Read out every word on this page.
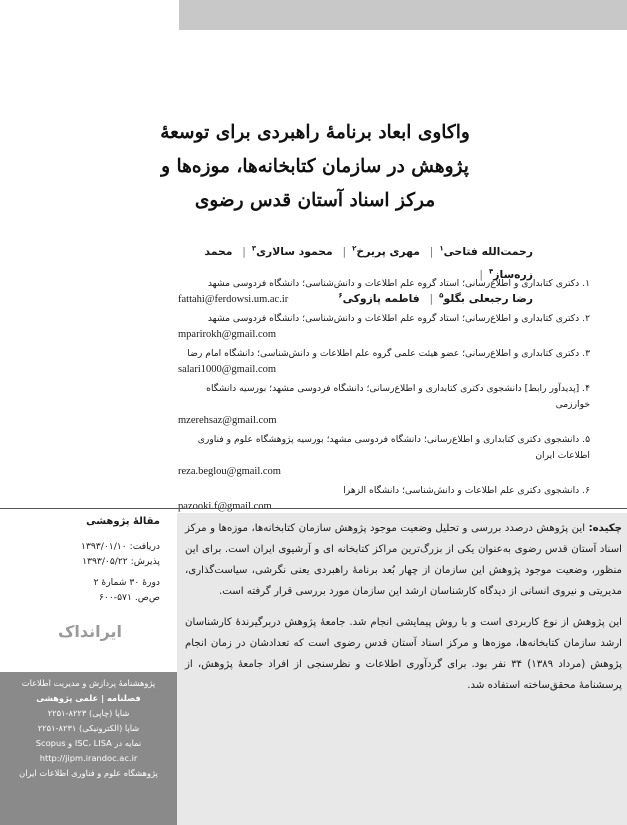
واکاوی ابعاد برنامۀ راهبردی برای توسعۀ پژوهش در سازمان کتابخانه‌ها، موزه‌ها و مرکز اسناد آستان قدس رضوی
رحمت‌الله فتاحی$^۱$| مهری پریرخ$^۲$| محمود سالاری$^۳$| محمد زره‌ساز$^۴$|
رضا رجبعلی بگلو$^۵$| فاطمه پازوکی$^۶$
۱. دکتری کتابداری و اطلاع‌رسانی؛ استاد گروه علم اطلاعات و دانش‌شناسی؛ دانشگاه فردوسی مشهد
fattahi@ferdowsi.um.ac.ir
۲. دکتری کتابداری و اطلاع‌رسانی؛ استاد گروه علم اطلاعات و دانش‌شناسی؛ دانشگاه فردوسی مشهد
mparirokh@gmail.com
۳. دکتری کتابداری و اطلاع‌رسانی؛ عضو هیئت علمی گروه علم اطلاعات و دانش‌شناسی؛ دانشگاه امام رضا
salari1000@gmail.com
۴. [پدیدآور رابط] دانشجوی دکتری کتابداری و اطلاع‌رسانی؛ دانشگاه فردوسی مشهد؛ بورسیه دانشگاه خوارزمی
mzerehsaz@gmail.com
۵. دانشجوی دکتری کتابداری و اطلاع‌رسانی؛ دانشگاه فردوسی مشهد؛ بورسیه پژوهشگاه علوم و فناوری اطلاعات ایران
reza.beglou@gmail.com
۶. دانشجوی دکتری علم اطلاعات و دانش‌شناسی؛ دانشگاه الزهرا
pazooki.f@gmail.com
مقالۀ پژوهشی
دریافت: ۱۳۹۳/۰۱/۱۰
پذیرش: ۱۳۹۳/۰۵/۲۲
دورۀ ۳۰ شمارۀ ۲
ص‌ص. ۵۷۱-۶۰۰
ایرانداک
پژوهشنامۀ پردازش و مدیریت اطلاعات
فصلنامه | علمی پژوهشی
شاپا (چاپی) ۸۲۲۳-۲۲۵۱
شاپا (الکترونیکی) ۸۲۳۱-۲۲۵۱
نمایه در ISC، LISA و Scopus
http://jipm.irandoc.ac.ir
پژوهشگاه علوم و فناوری اطلاعات ایران

چکیده: این پژوهش درصدد بررسی و تحلیل وضعیت موجود پژوهش سازمان کتابخانه‌ها، موزه‌ها و مرکز اسناد آستان قدس رضوی به‌عنوان یکی از بزرگ‌ترین مراکز کتابخانه ای و آرشیوی ایران است. برای این منظور، وضعیت موجود پژوهش این سازمان از چهار بُعد برنامۀ راهبردی یعنی نگرشی، سیاست‌گذاری، مدیریتی و نیروی انسانی از دیدگاه کارشناسان ارشد این سازمان مورد بررسی قرار گرفته است.

این پژوهش از نوع کاربردی است و با روش پیمایشی انجام شد. جامعۀ پژوهش دربرگیرندۀ کارشناسان ارشد سازمان کتابخانه‌ها، موزه‌ها و مرکز اسناد آستان قدس رضوی است که تعدادشان در زمان انجام پژوهش (مرداد ۱۳۸۹) ۳۴ نفر بود. برای گردآوری اطلاعات و نظرسنجی از افراد جامعۀ پژوهش، از پرسشنامۀ محقق‌ساخته استفاده شد.
